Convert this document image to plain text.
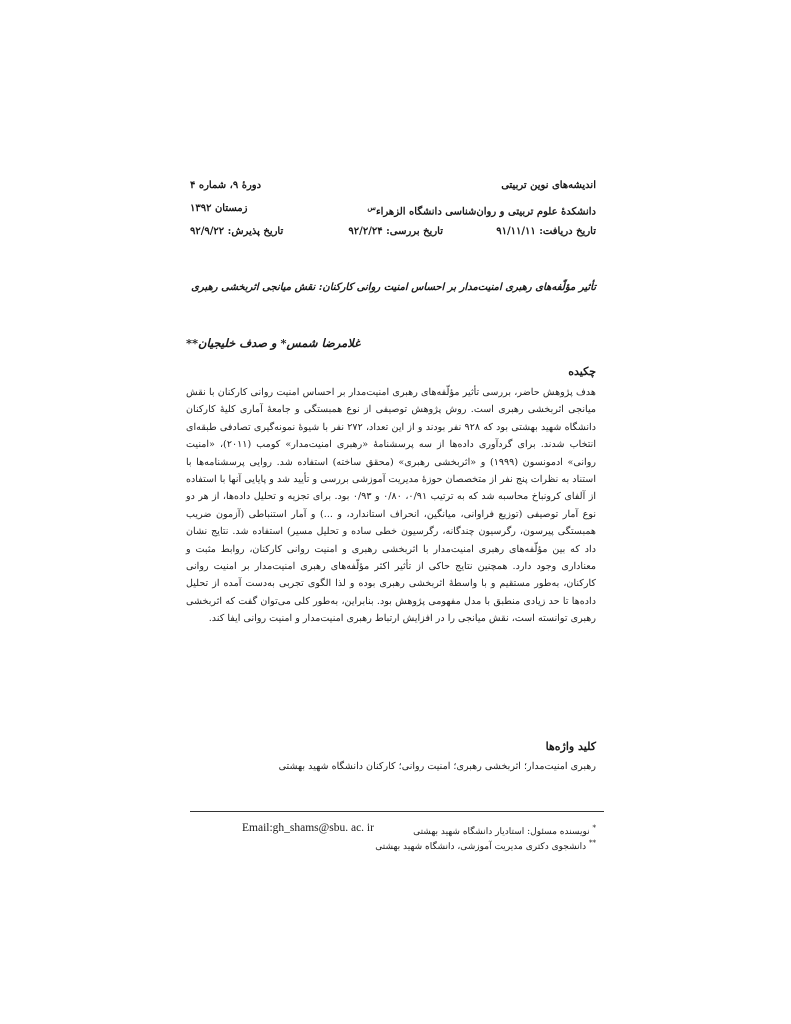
اندیشه‌های نوین تربیتی
دورۀ ۹، شماره ۴
دانشکدۀ علوم تربیتی و روان‌شناسی دانشگاه الزهراء$^س$
زمستان ۱۳۹۲
تاریخ دریافت: ۹۱/۱۱/۱۱
تاریخ بررسی: ۹۲/۲/۲۴
تاریخ پذیرش: ۹۲/۹/۲۲
تأثیر مؤلّفه‌های رهبری امنیت‌مدار بر احساس امنیت روانی کارکنان: نقش میانجی اثربخشی رهبری
غلامرضا شمس* و صدف خلیجیان**
چکیده

هدف پژوهش حاضر، بررسی تأثیر مؤلّفه‌های رهبری امنیت‌مدار بر احساس امنیت روانی کارکنان با نقش میانجی اثربخشی رهبری است. روش پژوهش توصیفی از نوع همبستگی و جامعۀ آماری کلیۀ کارکنان دانشگاه شهید بهشتی بود که ۹۲۸ نفر بودند و از این تعداد، ۲۷۲ نفر با شیوۀ نمونه‌گیری تصادفی طبقه‌ای انتخاب شدند. برای گردآوری داده‌ها از سه پرسشنامۀ «رهبری امنیت‌مدار» کومب (۲۰۱۱)، «امنیت روانی» ادمونسون (۱۹۹۹) و «اثربخشی رهبری» (محقق ساخته) استفاده شد. روایی پرسشنامه‌ها با استناد به نظرات پنج نفر از متخصصان حوزۀ مدیریت آموزشی بررسی و تأیید شد و پایایی آنها با استفاده از آلفای کرونباخ محاسبه شد که به ترتیب ۰/۹۱، ۰/۸۰ و ۰/۹۳ بود. برای تجزیه و تحلیل داده‌ها، از هر دو نوع آمار توصیفی (توزیع فراوانی، میانگین، انحراف استاندارد، و ...) و آمار استنباطی (آزمون ضریب همبستگی پیرسون، رگرسیون چندگانه، رگرسیون خطی ساده و تحلیل مسیر) استفاده شد. نتایج نشان داد که بین مؤلّفه‌های رهبری امنیت‌مدار با اثربخشی رهبری و امنیت روانی کارکنان، روابط مثبت و معناداری وجود دارد. همچنین نتایج حاکی از تأثیر اکثر مؤلّفه‌های رهبری امنیت‌مدار بر امنیت روانی کارکنان، به‌طور مستقیم و با واسطۀ اثربخشی رهبری بوده و لذا الگوی تجربی به‌دست آمده از تحلیل داده‌ها تا حد زیادی منطبق با مدل مفهومی پژوهش بود. بنابراین، به‌طور کلی می‌توان گفت که اثربخشی رهبری توانسته است، نقش میانجی را در افزایش ارتباط رهبری امنیت‌مدار و امنیت روانی ایفا کند.

کلید واژه‌ها

رهبری امنیت‌مدار؛ اثربخشی رهبری؛ امنیت روانی؛ کارکنان دانشگاه شهید بهشتی

* نویسنده مسئول: استادیار دانشگاه شهید بهشتی
Email:gh_shams@sbu. ac. ir
** دانشجوی دکتری مدیریت آموزشی، دانشگاه شهید بهشتی
